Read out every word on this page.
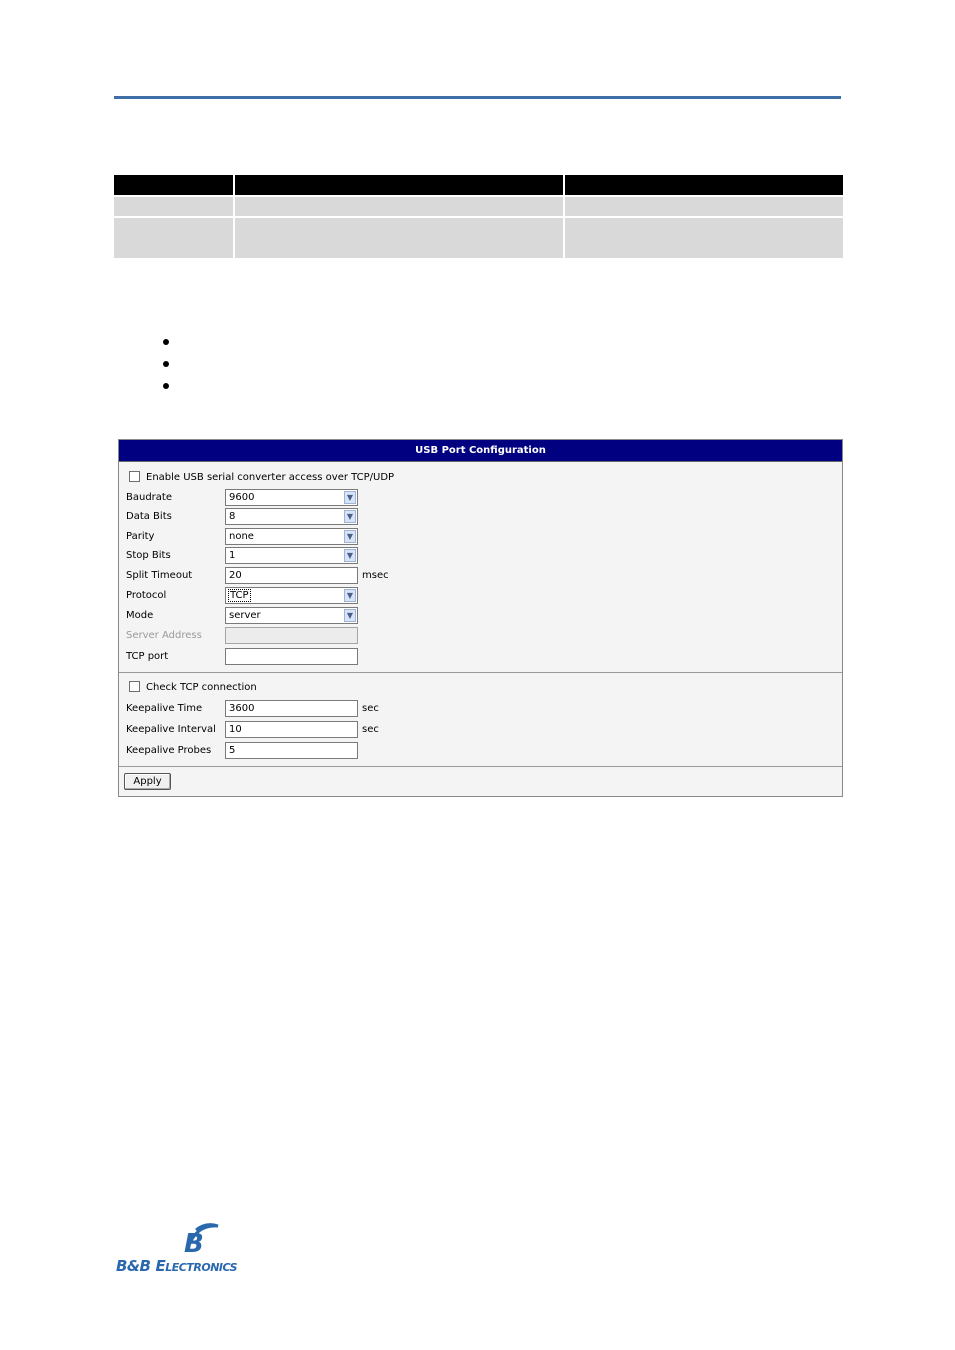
USB Port Configuration
Enable USB serial converter access over TCP/UDP
Baudrate	9600	▼
Data Bits	8	▼
Parity	none	▼
Stop Bits	1	▼
Split Timeout	20	msec
Protocol	TCP	▼
Mode	server	▼
Server Address
TCP port
Check TCP connection
Keepalive Time	3600	sec
Keepalive Interval	10	sec
Keepalive Probes	5
Apply
B
B&B ELECTRONICS
